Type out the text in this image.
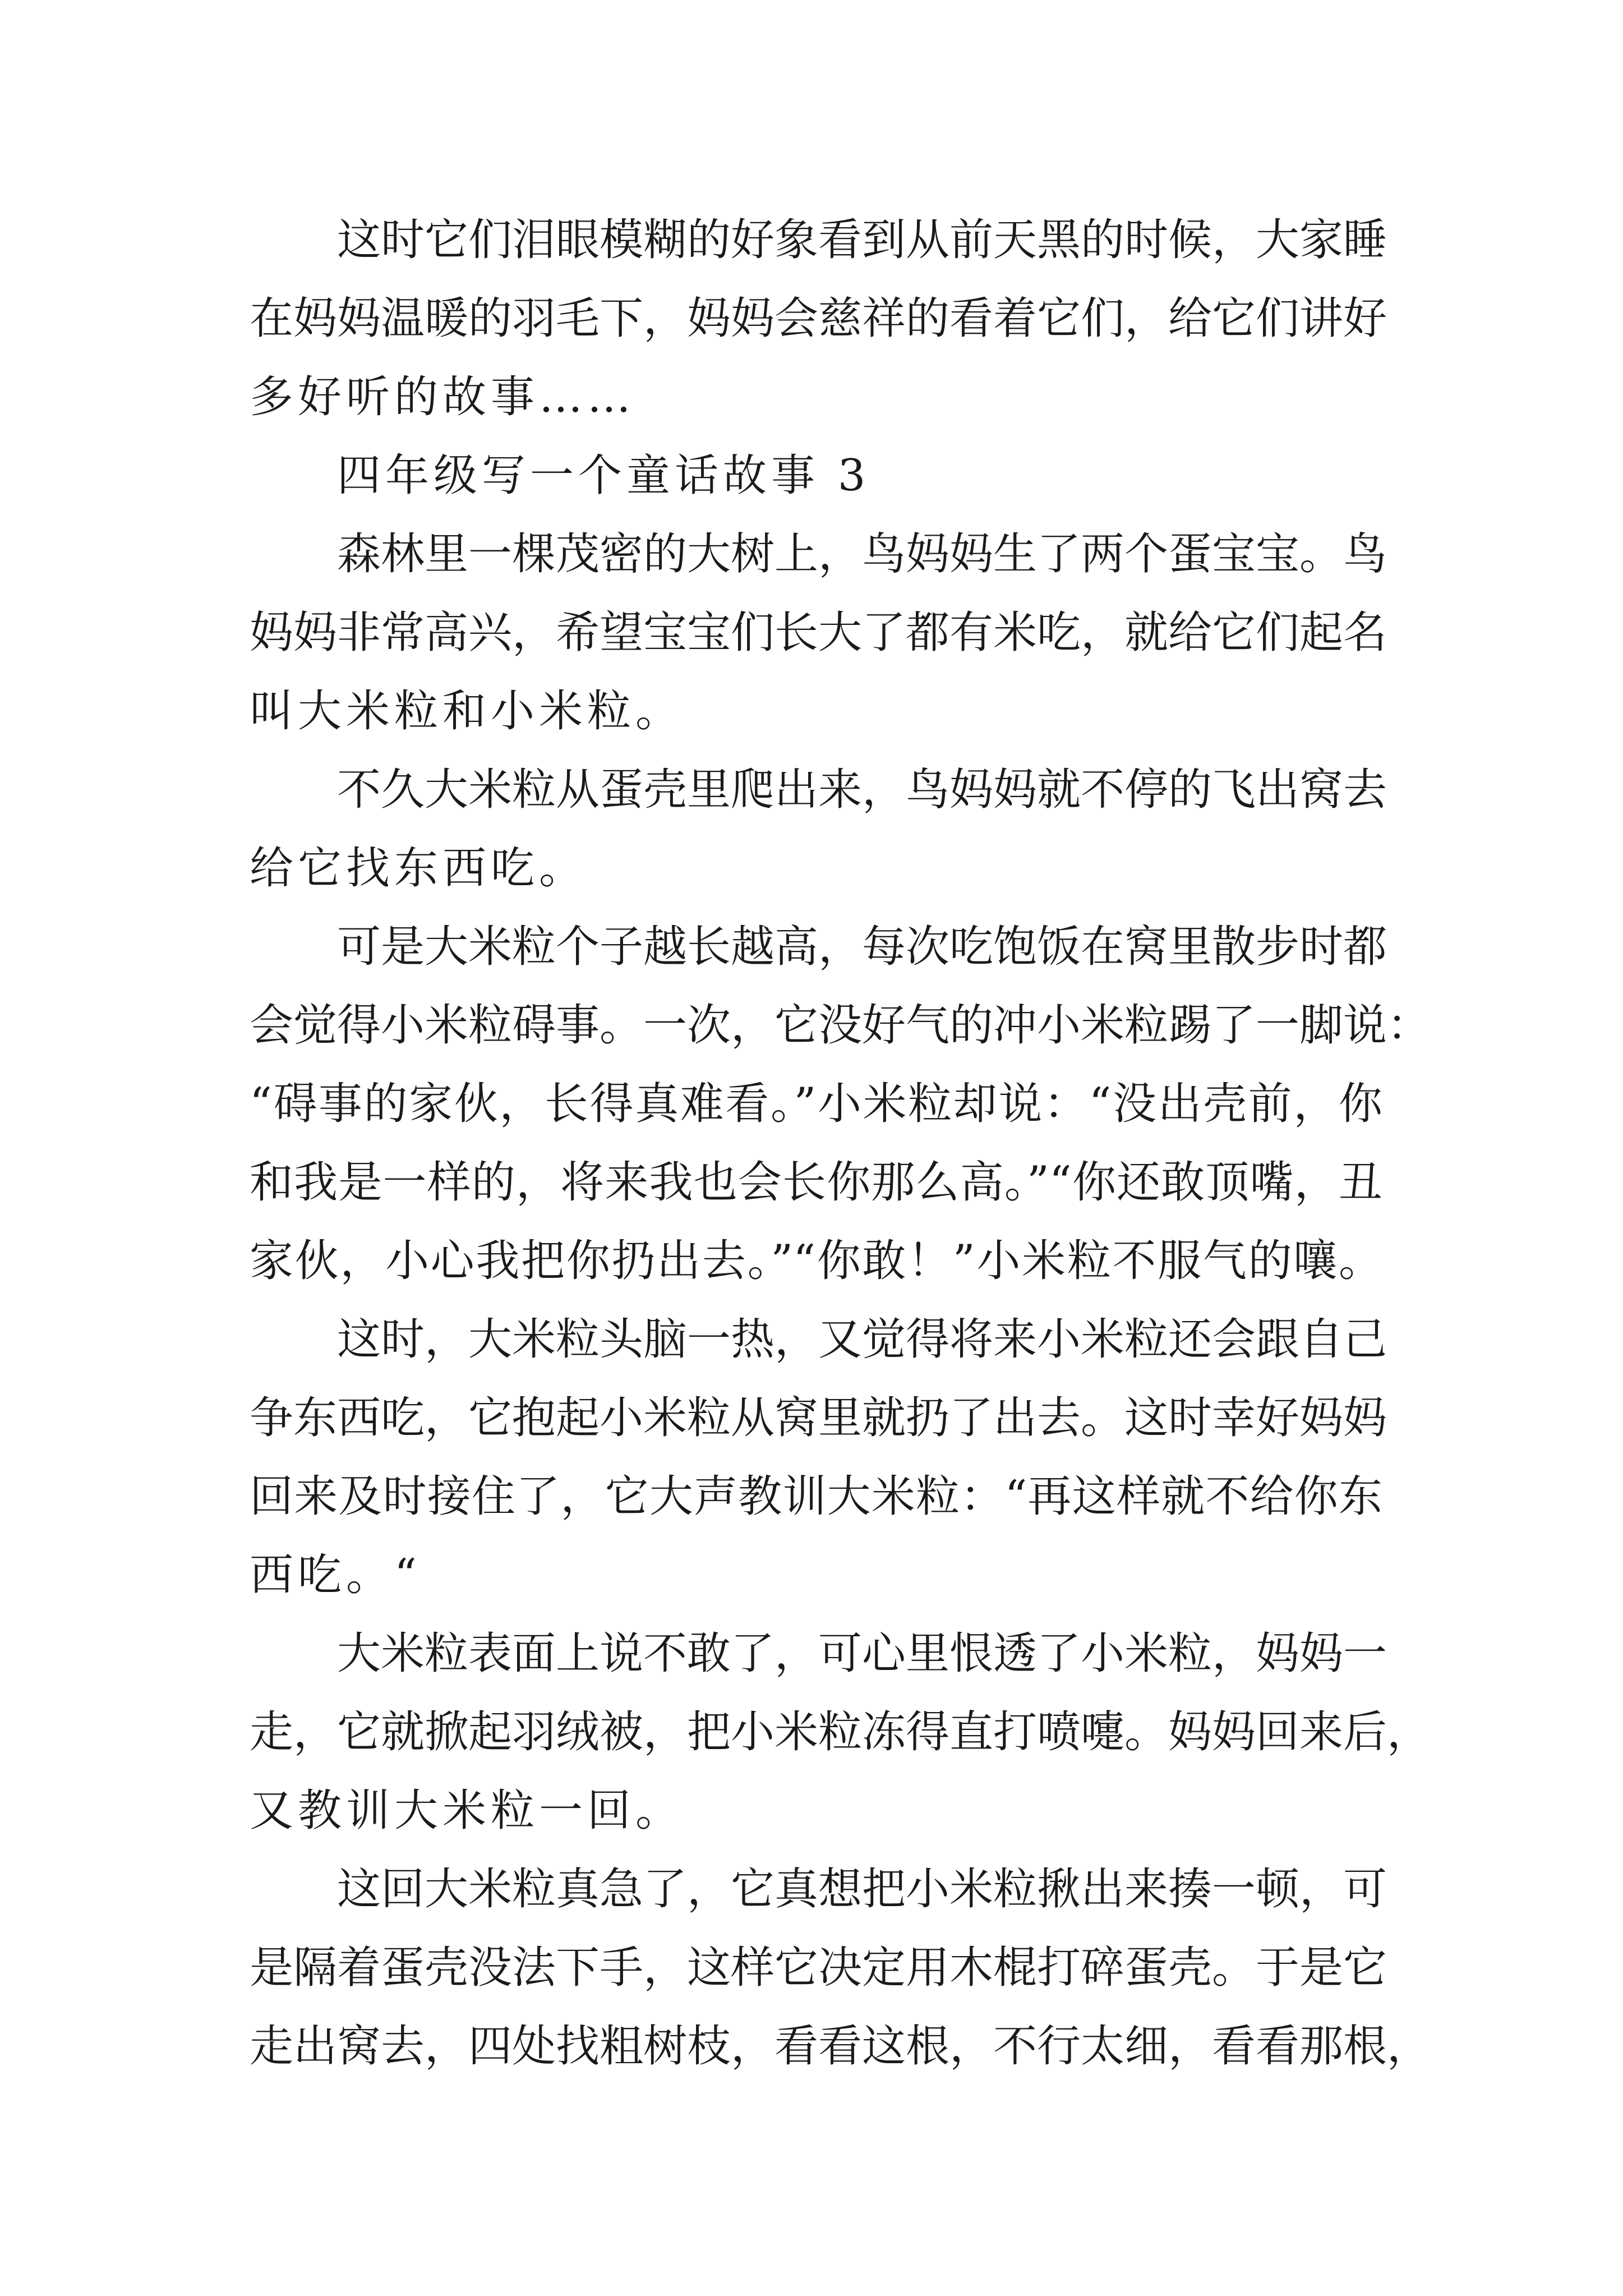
这时它们泪眼模糊的好象看到从前天黑的时候，大家睡
在妈妈温暖的羽毛下，妈妈会慈祥的看着它们，给它们讲好
多好听的故事……
四年级写一个童话故事 3
森林里一棵茂密的大树上，鸟妈妈生了两个蛋宝宝。鸟
妈妈非常高兴，希望宝宝们长大了都有米吃，就给它们起名
叫大米粒和小米粒。
不久大米粒从蛋壳里爬出来，鸟妈妈就不停的飞出窝去
给它找东西吃。
可是大米粒个子越长越高，每次吃饱饭在窝里散步时都
会觉得小米粒碍事。一次，它没好气的冲小米粒踢了一脚说：
“碍事的家伙，长得真难看。”小米粒却说：“没出壳前，你
和我是一样的，将来我也会长你那么高。”“你还敢顶嘴，丑
家伙，小心我把你扔出去。”“你敢！”小米粒不服气的嚷。
这时，大米粒头脑一热，又觉得将来小米粒还会跟自己
争东西吃，它抱起小米粒从窝里就扔了出去。这时幸好妈妈
回来及时接住了，它大声教训大米粒：“再这样就不给你东
西吃。“
大米粒表面上说不敢了，可心里恨透了小米粒，妈妈一
走，它就掀起羽绒被，把小米粒冻得直打喷嚏。妈妈回来后，
又教训大米粒一回。
这回大米粒真急了，它真想把小米粒揪出来揍一顿，可
是隔着蛋壳没法下手，这样它决定用木棍打碎蛋壳。于是它
走出窝去，四处找粗树枝，看看这根，不行太细，看看那根，
